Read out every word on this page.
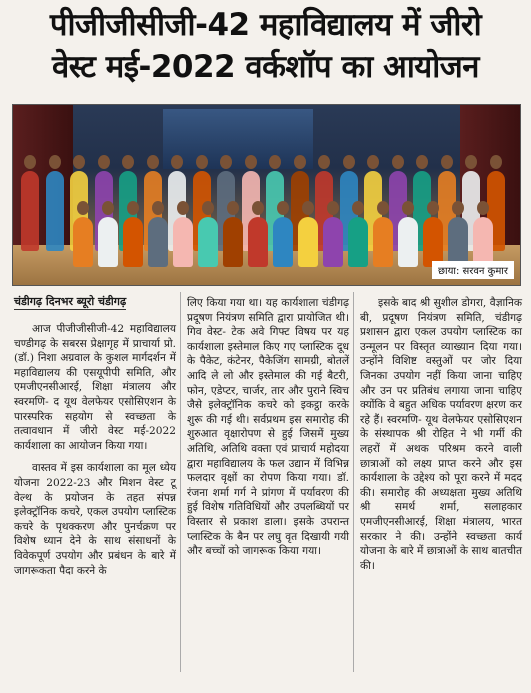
पीजीजीसीजी-42 महाविद्यालय में जीरो
वेस्ट मई-2022 वर्कशॉप का आयोजन
छाया: सरवन कुमार
चंडीगढ़ दिनभर ब्यूरो चंडीगढ़

आज पीजीजीसीजी-42 महाविद्यालय चण्डीगढ़ के सबरस प्रेक्षागृह में प्राचार्या प्रो.(डॉ.) निशा अग्रवाल के कुशल मार्गदर्शन में महाविद्यालय की एसयूपीपी समिति, और एमजीएनसीआरई, शिक्षा मंत्रालय और स्वरमणि- द यूथ वेलफेयर एसोसिएशन के पारस्परिक सहयोग से स्वच्छता के तत्वावधान में जीरो वेस्ट मई-2022 कार्यशाला का आयोजन किया गया।

वास्तव में इस कार्यशाला का मूल ध्येय योजना 2022-23 और मिशन वेस्ट टू वेल्थ के प्रयोजन के तहत संपन्न इलेक्ट्रॉनिक कचरे, एकल उपयोग प्लास्टिक कचरे के पृथक्करण और पुनर्चक्रण पर विशेष ध्यान देने के साथ संसाधनों के विवेकपूर्ण उपयोग और प्रबंधन के बारे में जागरूकता पैदा करने के

लिए किया गया था। यह कार्यशाला चंडीगढ़ प्रदूषण नियंत्रण समिति द्वारा प्रायोजित थी। गिव वेस्ट- टेक अवे गिफ्ट विषय पर यह कार्यशाला इस्तेमाल किए गए प्लास्टिक दूध के पैकेट, कंटेनर, पैकेजिंग सामग्री, बोतलें आदि ले लो और इस्तेमाल की गई बैटरी, फोन, एडेप्टर, चार्जर, तार और पुराने स्विच जैसे इलेक्ट्रॉनिक कचरे को इकट्ठा करके शुरू की गई थी। सर्वप्रथम इस समारोह की शुरुआत वृक्षारोपण से हुई जिसमें मुख्य अतिथि, अतिथि वक्ता एवं प्राचार्य महोदया द्वारा महाविद्यालय के फल उद्यान में विभिन्न फलदार वृक्षों का रोपण किया गया। डॉ. रंजना शर्मा गर्ग ने प्रांगण में पर्यावरण की हुई विशेष गतिविधियों और उपलब्धियों पर विस्तार से प्रकाश डाला। इसके उपरान्त प्लास्टिक के बैन पर लघु वृत दिखायी गयी और बच्चों को जागरूक किया गया।

इसके बाद श्री सुशील डोगरा, वैज्ञानिक बी, प्रदूषण नियंत्रण समिति, चंडीगढ़ प्रशासन द्वारा एकल उपयोग प्लास्टिक का उन्मूलन पर विस्तृत व्याख्यान दिया गया। उन्होंने विशिष्ट वस्तुओं पर जोर दिया जिनका उपयोग नहीं किया जाना चाहिए और उन पर प्रतिबंध लगाया जाना चाहिए क्योंकि वे बहुत अधिक पर्यावरण क्षरण कर रहे हैं। स्वरमणि- यूथ वेलफेयर एसोसिएशन के संस्थापक श्री रोहित ने भी गर्मी की लहरों में अथक परिश्रम करने वाली छात्राओं को लक्ष्य प्राप्त करने और इस कार्यशाला के उद्देश्य को पूरा करने में मदद की। समारोह की अध्यक्षता मुख्य अतिथि श्री समर्थ शर्मा, सलाहकार एमजीएनसीआरई, शिक्षा मंत्रालय, भारत सरकार ने की। उन्होंने स्वच्छता कार्य योजना के बारे में छात्राओं के साथ बातचीत की।
